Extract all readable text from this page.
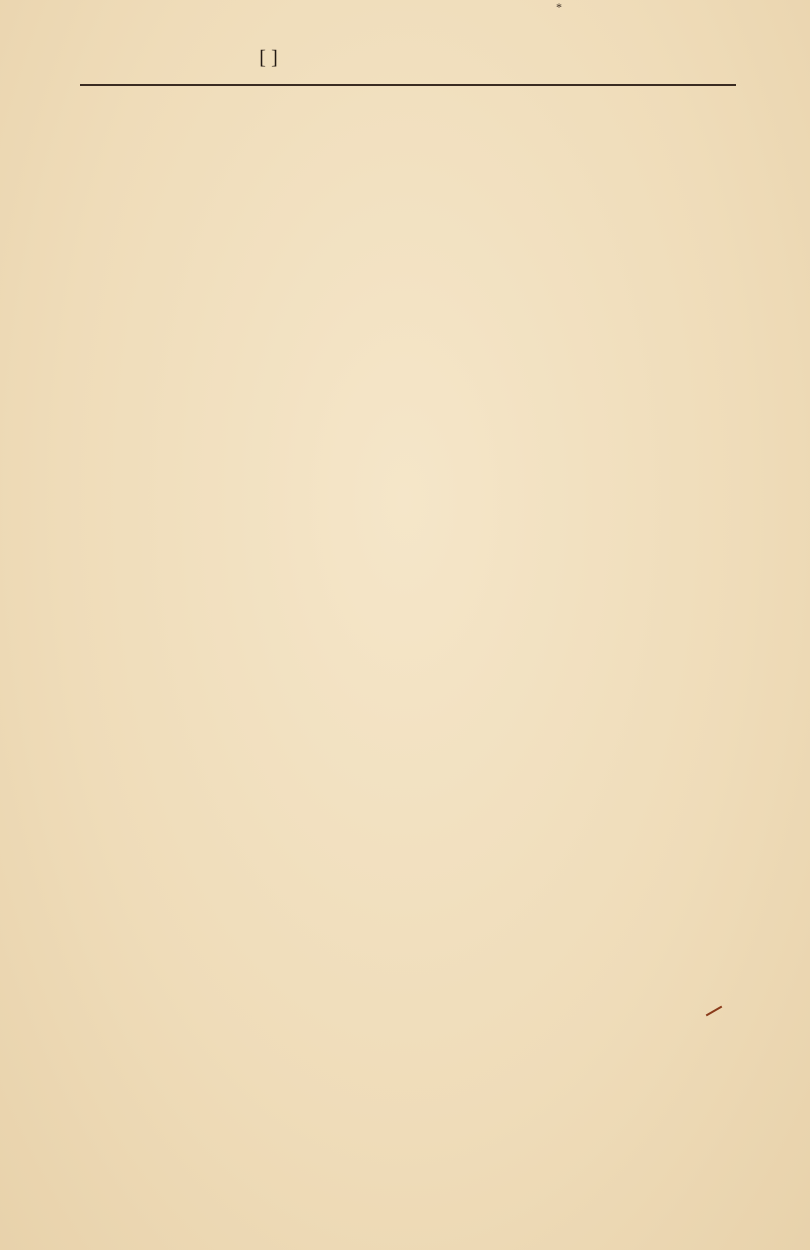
*
[ ]
